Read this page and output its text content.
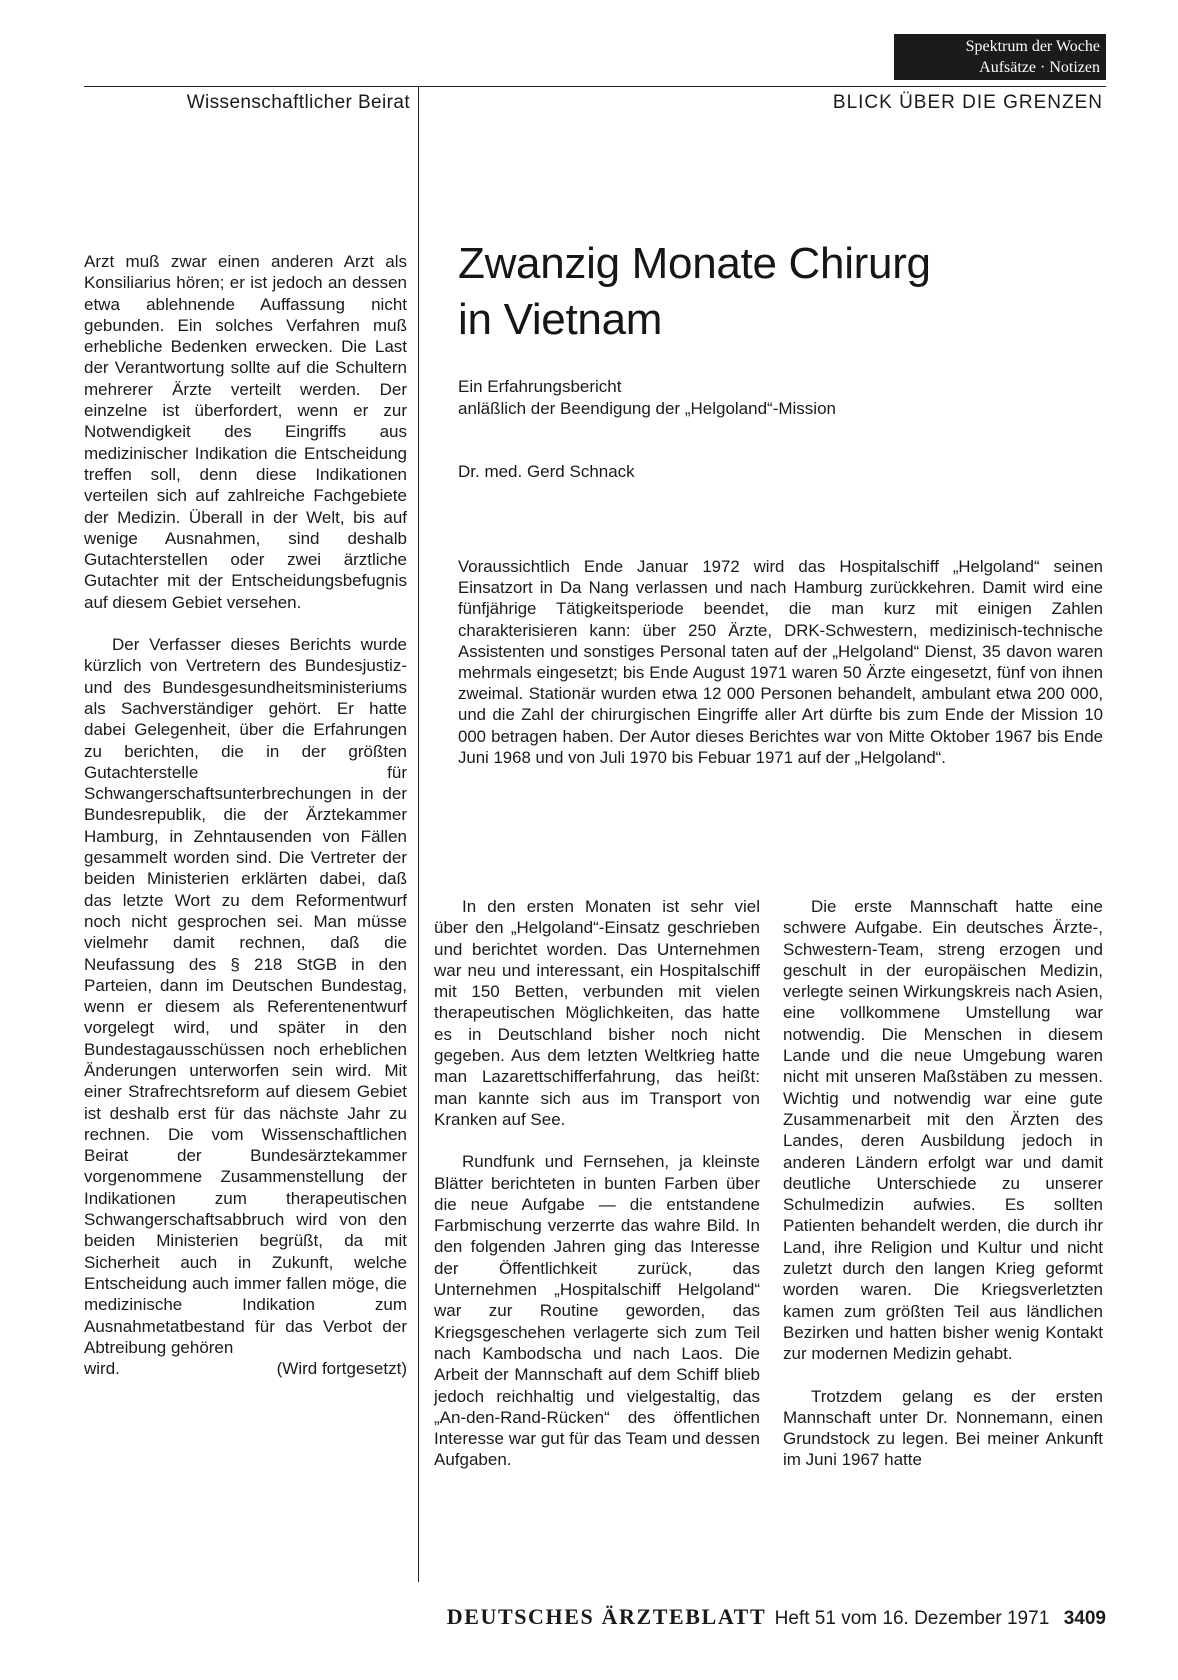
Spektrum der Woche
Aufsätze · Notizen
Wissenschaftlicher Beirat	BLICK ÜBER DIE GRENZEN
Zwanzig Monate Chirurg
in Vietnam
Ein Erfahrungsbericht
anläßlich der Beendigung der „Helgoland“-Mission
Dr. med. Gerd Schnack

Arzt muß zwar einen anderen Arzt als Konsiliarius hören; er ist jedoch an dessen etwa ablehnende Auffassung nicht gebunden. Ein solches Verfahren muß erhebliche Bedenken erwecken. Die Last der Verantwortung sollte auf die Schultern mehrerer Ärzte verteilt werden. Der einzelne ist überfordert, wenn er zur Notwendigkeit des Eingriffs aus medizinischer Indikation die Entscheidung treffen soll, denn diese Indikationen verteilen sich auf zahlreiche Fachgebiete der Medizin. Überall in der Welt, bis auf wenige Ausnahmen, sind deshalb Gutachterstellen oder zwei ärztliche Gutachter mit der Entscheidungsbefugnis auf diesem Gebiet versehen.

Der Verfasser dieses Berichts wurde kürzlich von Vertretern des Bundesjustiz- und des Bundesgesundheitsministeriums als Sachverständiger gehört. Er hatte dabei Gelegenheit, über die Erfahrungen zu berichten, die in der größten Gutachterstelle für Schwangerschaftsunterbrechungen in der Bundesrepublik, die der Ärztekammer Hamburg, in Zehntausenden von Fällen gesammelt worden sind. Die Vertreter der beiden Ministerien erklärten dabei, daß das letzte Wort zu dem Reformentwurf noch nicht gesprochen sei. Man müsse vielmehr damit rechnen, daß die Neufassung des § 218 StGB in den Parteien, dann im Deutschen Bundestag, wenn er diesem als Referentenentwurf vorgelegt wird, und später in den Bundestagausschüssen noch erheblichen Änderungen unterworfen sein wird. Mit einer Strafrechtsreform auf diesem Gebiet ist deshalb erst für das nächste Jahr zu rechnen. Die vom Wissenschaftlichen Beirat der Bundesärztekammer vorgenommene Zusammenstellung der Indikationen zum therapeutischen Schwangerschaftsabbruch wird von den beiden Ministerien begrüßt, da mit Sicherheit auch in Zukunft, welche Entscheidung auch immer fallen möge, die medizinische Indikation zum Ausnahmetatbestand für das Verbot der Abtreibung gehören

wird.	(Wird fortgesetzt)

Voraussichtlich Ende Januar 1972 wird das Hospitalschiff „Helgoland“ seinen Einsatzort in Da Nang verlassen und nach Hamburg zurückkehren. Damit wird eine fünfjährige Tätigkeitsperiode beendet, die man kurz mit einigen Zahlen charakterisieren kann: über 250 Ärzte, DRK-Schwestern, medizinisch-technische Assistenten und sonstiges Personal taten auf der „Helgoland“ Dienst, 35 davon waren mehrmals eingesetzt; bis Ende August 1971 waren 50 Ärzte eingesetzt, fünf von ihnen zweimal. Stationär wurden etwa 12 000 Personen behandelt, ambulant etwa 200 000, und die Zahl der chirurgischen Eingriffe aller Art dürfte bis zum Ende der Mission 10 000 betragen haben. Der Autor dieses Berichtes war von Mitte Oktober 1967 bis Ende Juni 1968 und von Juli 1970 bis Febuar 1971 auf der „Helgoland“.

In den ersten Monaten ist sehr viel über den „Helgoland“-Einsatz geschrieben und berichtet worden. Das Unternehmen war neu und interessant, ein Hospitalschiff mit 150 Betten, verbunden mit vielen therapeutischen Möglichkeiten, das hatte es in Deutschland bisher noch nicht gegeben. Aus dem letzten Weltkrieg hatte man Lazarettschifferfahrung, das heißt: man kannte sich aus im Transport von Kranken auf See.

Rundfunk und Fernsehen, ja kleinste Blätter berichteten in bunten Farben über die neue Aufgabe — die entstandene Farbmischung verzerrte das wahre Bild. In den folgenden Jahren ging das Interesse der Öffentlichkeit zurück, das Unternehmen „Hospitalschiff Helgoland“ war zur Routine geworden, das Kriegsgeschehen verlagerte sich zum Teil nach Kambodscha und nach Laos. Die Arbeit der Mannschaft auf dem Schiff blieb jedoch reichhaltig und vielgestaltig, das „An-den-Rand-Rücken“ des öffentlichen Interesse war gut für das Team und dessen Aufgaben.

Die erste Mannschaft hatte eine schwere Aufgabe. Ein deutsches Ärzte-, Schwestern-Team, streng erzogen und geschult in der europäischen Medizin, verlegte seinen Wirkungskreis nach Asien, eine vollkommene Umstellung war notwendig. Die Menschen in diesem Lande und die neue Umgebung waren nicht mit unseren Maßstäben zu messen. Wichtig und notwendig war eine gute Zusammenarbeit mit den Ärzten des Landes, deren Ausbildung jedoch in anderen Ländern erfolgt war und damit deutliche Unterschiede zu unserer Schulmedizin aufwies. Es sollten Patienten behandelt werden, die durch ihr Land, ihre Religion und Kultur und nicht zuletzt durch den langen Krieg geformt worden waren. Die Kriegsverletzten kamen zum größten Teil aus ländlichen Bezirken und hatten bisher wenig Kontakt zur modernen Medizin gehabt.

Trotzdem gelang es der ersten Mannschaft unter Dr. Nonnemann, einen Grundstock zu legen. Bei meiner Ankunft im Juni 1967 hatte

DEUTSCHES ÄRZTEBLATT Heft 51 vom 16. Dezember 1971 3409
